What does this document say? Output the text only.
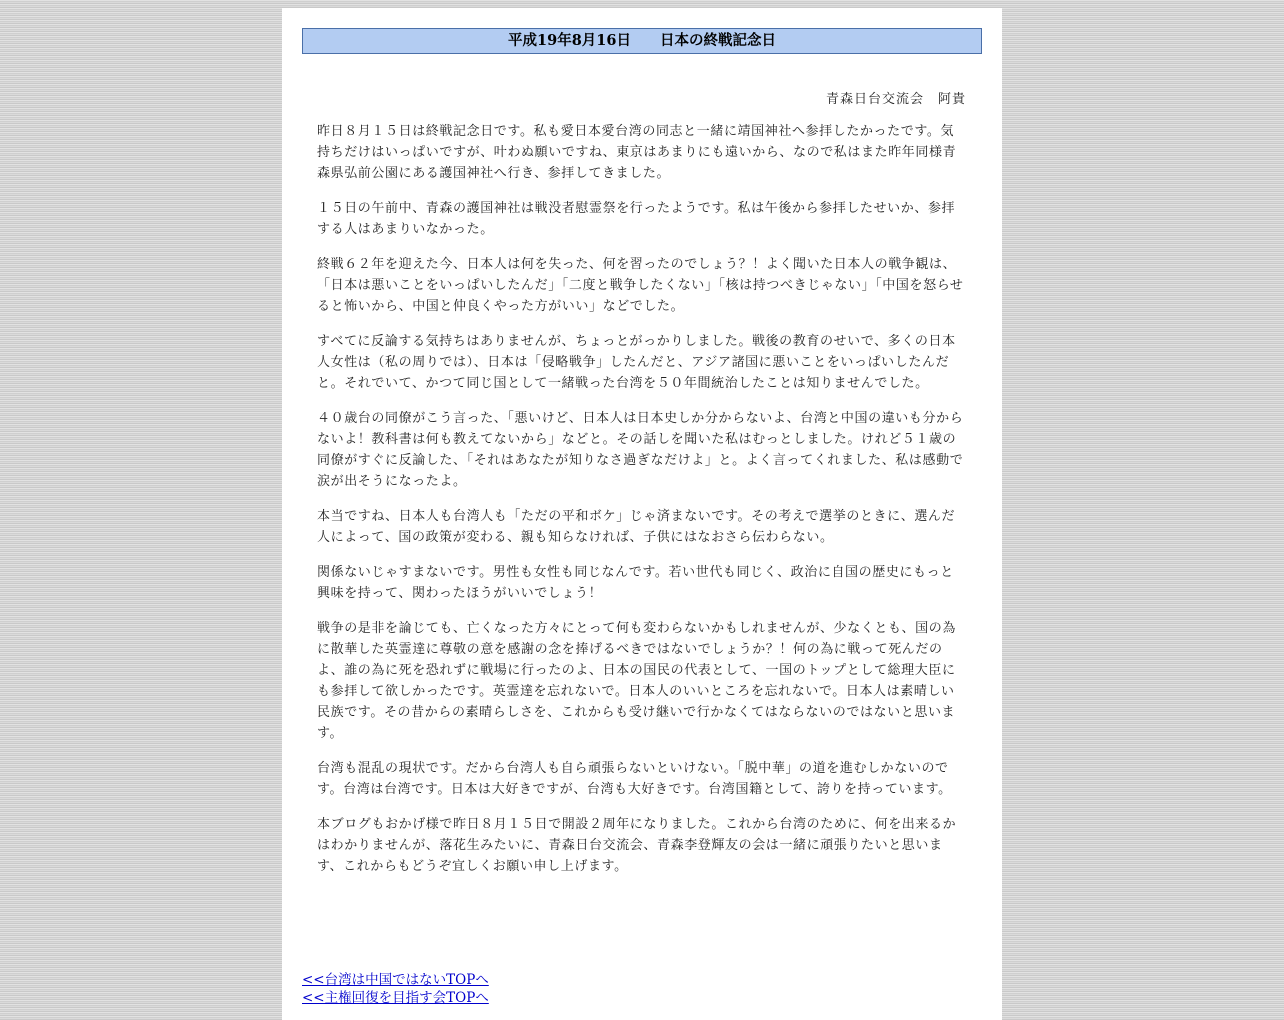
平成19年8月16日　　日本の終戦記念日
青森日台交流会　阿貴

昨日８月１５日は終戦記念日です。私も愛日本愛台湾の同志と一緒に靖国神社へ参拝したかったです。気持ちだけはいっぱいですが、叶わぬ願いですね、東京はあまりにも遠いから、なので私はまた昨年同様青森県弘前公園にある護国神社へ行き、参拝してきました。

１５日の午前中、青森の護国神社は戦没者慰霊祭を行ったようです。私は午後から参拝したせいか、参拝する人はあまりいなかった。

終戦６２年を迎えた今、日本人は何を失った、何を習ったのでしょう？！よく聞いた日本人の戦争観は、「日本は悪いことをいっぱいしたんだ」「二度と戦争したくない」「核は持つべきじゃない」「中国を怒らせると怖いから、中国と仲良くやった方がいい」などでした。

すべてに反論する気持ちはありませんが、ちょっとがっかりしました。戦後の教育のせいで、多くの日本人女性は（私の周りでは）、日本は「侵略戦争」したんだと、アジア諸国に悪いことをいっぱいしたんだと。それでいて、かつて同じ国として一緒戦った台湾を５０年間統治したことは知りませんでした。

４０歳台の同僚がこう言った、「悪いけど、日本人は日本史しか分からないよ、台湾と中国の違いも分からないよ！教科書は何も教えてないから」などと。その話しを聞いた私はむっとしました。けれど５１歳の同僚がすぐに反論した、「それはあなたが知りなさ過ぎなだけよ」と。よく言ってくれました、私は感動で涙が出そうになったよ。

本当ですね、日本人も台湾人も「ただの平和ボケ」じゃ済まないです。その考えで選挙のときに、選んだ人によって、国の政策が変わる、親も知らなければ、子供にはなおさら伝わらない。

関係ないじゃすまないです。男性も女性も同じなんです。若い世代も同じく、政治に自国の歴史にもっと興味を持って、関わったほうがいいでしょう！

戦争の是非を論じても、亡くなった方々にとって何も変わらないかもしれませんが、少なくとも、国の為に散華した英霊達に尊敬の意を感謝の念を捧げるべきではないでしょうか？！何の為に戦って死んだのよ、誰の為に死を恐れずに戦場に行ったのよ、日本の国民の代表として、一国のトップとして総理大臣にも参拝して欲しかったです。英霊達を忘れないで。日本人のいいところを忘れないで。日本人は素晴しい民族です。その昔からの素晴らしさを、これからも受け継いで行かなくてはならないのではないと思います。

台湾も混乱の現状です。だから台湾人も自ら頑張らないといけない。「脱中華」の道を進むしかないのです。台湾は台湾です。日本は大好きですが、台湾も大好きです。台湾国籍として、誇りを持っています。

本ブログもおかげ様で昨日８月１５日で開設２周年になりました。これから台湾のために、何を出来るかはわかりませんが、落花生みたいに、青森日台交流会、青森李登輝友の会は一緒に頑張りたいと思います、これからもどうぞ宜しくお願い申し上げます。

<<台湾は中国ではないTOPへ
<<主権回復を目指す会TOPへ
